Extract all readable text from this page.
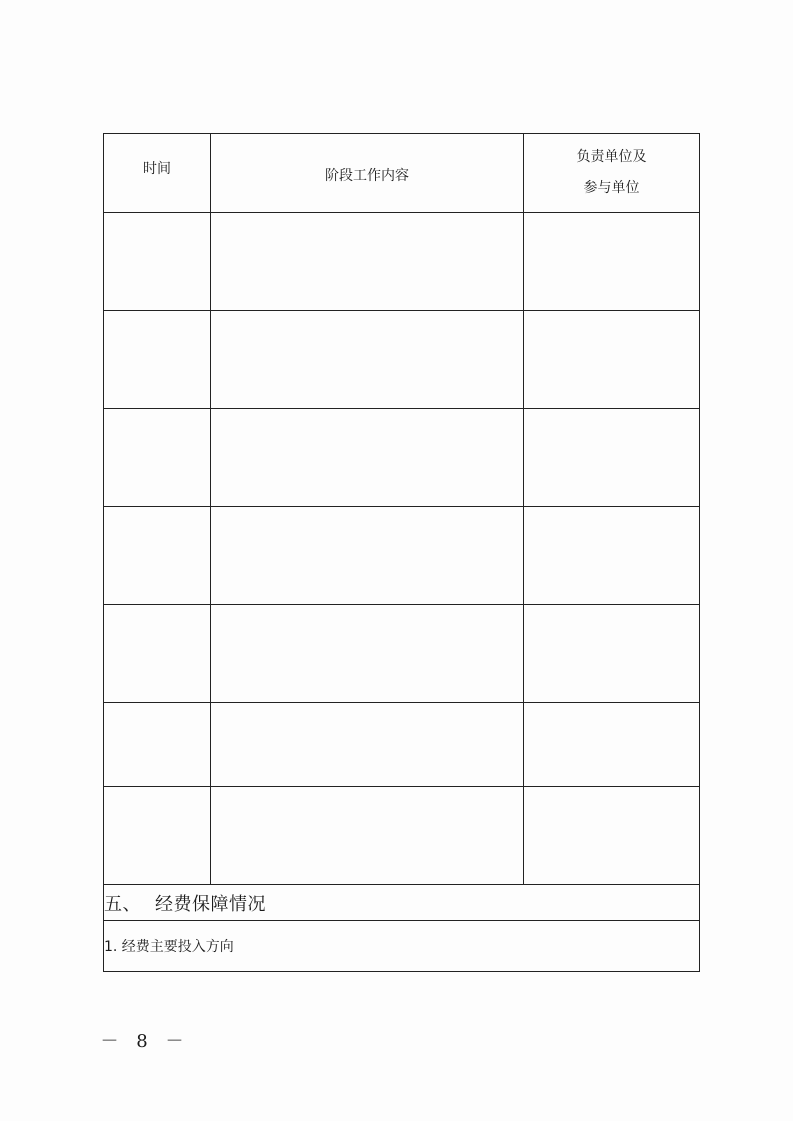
时间	阶段工作内容	负责单位及
参与单位

五、 经费保障情况		
1. 经费主要投入方向		
－ 8 －
